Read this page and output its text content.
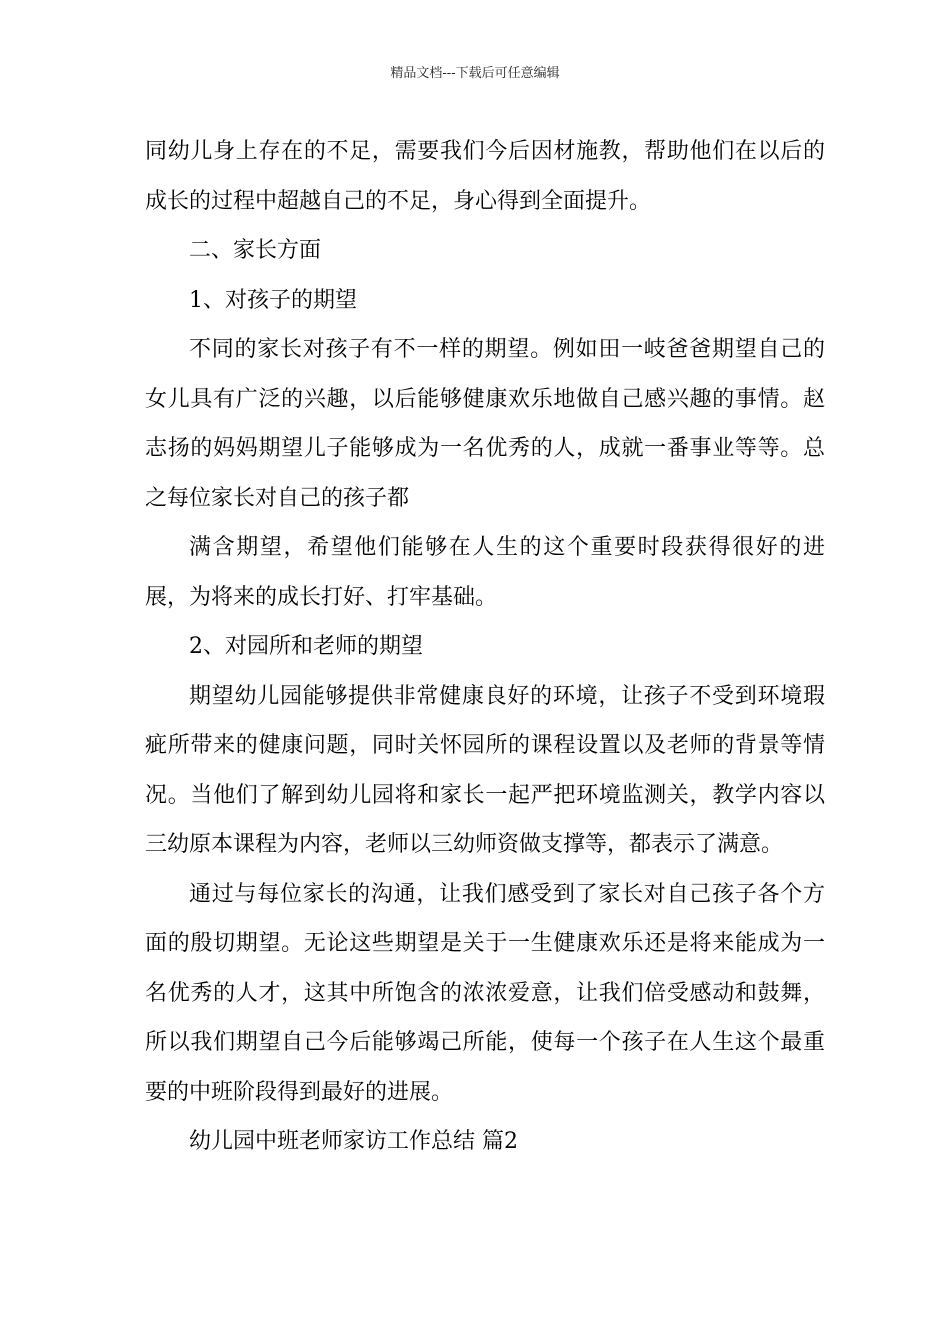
精品文档---下载后可任意编辑

同幼儿身上存在的不足，需要我们今后因材施教，帮助他们在以后的成长的过程中超越自己的不足，身心得到全面提升。

二、家长方面

1、对孩子的期望

不同的家长对孩子有不一样的期望。例如田一岐爸爸期望自己的女儿具有广泛的兴趣，以后能够健康欢乐地做自己感兴趣的事情。赵志扬的妈妈期望儿子能够成为一名优秀的人，成就一番事业等等。总之每位家长对自己的孩子都

满含期望，希望他们能够在人生的这个重要时段获得很好的进展，为将来的成长打好、打牢基础。

2、对园所和老师的期望

期望幼儿园能够提供非常健康良好的环境，让孩子不受到环境瑕疵所带来的健康问题，同时关怀园所的课程设置以及老师的背景等情况。当他们了解到幼儿园将和家长一起严把环境监测关，教学内容以三幼原本课程为内容，老师以三幼师资做支撑等，都表示了满意。

通过与每位家长的沟通，让我们感受到了家长对自己孩子各个方面的殷切期望。无论这些期望是关于一生健康欢乐还是将来能成为一名优秀的人才，这其中所饱含的浓浓爱意，让我们倍受感动和鼓舞，所以我们期望自己今后能够竭己所能，使每一个孩子在人生这个最重要的中班阶段得到最好的进展。

幼儿园中班老师家访工作总结 篇2
